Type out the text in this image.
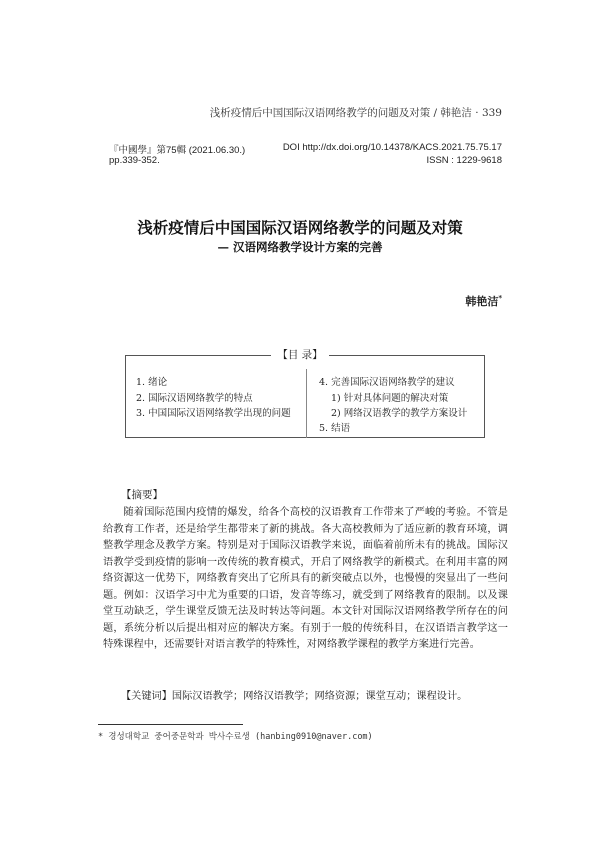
浅析疫情后中国国际汉语网络教学的问题及对策 / 韩艳洁 · 339
『中國學』第75輯 (2021.06.30.)
pp.339-352.
DOI http://dx.doi.org/10.14378/KACS.2021.75.75.17
ISSN : 1229-9618
浅析疫情后中国国际汉语网络教学的问题及对策
— 汉语网络教学设计方案的完善
韩艳洁*
【目 录】
1. 绪论
2. 国际汉语网络教学的特点
3. 中国国际汉语网络教学出现的问题
4. 完善国际汉语网络教学的建议
1) 针对具体问题的解决对策
2) 网络汉语教学的教学方案设计
5. 结语
【摘要】

随着国际范围内疫情的爆发，给各个高校的汉语教育工作带来了严峻的考验。不管是给教育工作者，还是给学生都带来了新的挑战。各大高校教师为了适应新的教育环境，调整教学理念及教学方案。特别是对于国际汉语教学来说，面临着前所未有的挑战。国际汉语教学受到疫情的影响一改传统的教育模式，开启了网络教学的新模式。在利用丰富的网络资源这一优势下，网络教育突出了它所具有的新突破点以外，也慢慢的突显出了一些问题。例如：汉语学习中尤为重要的口语，发音等练习，就受到了网络教育的限制。以及课堂互动缺乏，学生课堂反馈无法及时转达等问题。本文针对国际汉语网络教学所存在的问题，系统分析以后提出相对应的解决方案。有别于一般的传统科目，在汉语语言教学这一特殊课程中，还需要针对语言教学的特殊性，对网络教学课程的教学方案进行完善。

【关键词】国际汉语教学；网络汉语教学；网络资源；课堂互动；课程设计。
* 경성대학교 중어중문학과 박사수료생 (hanbing0910@naver.com)
